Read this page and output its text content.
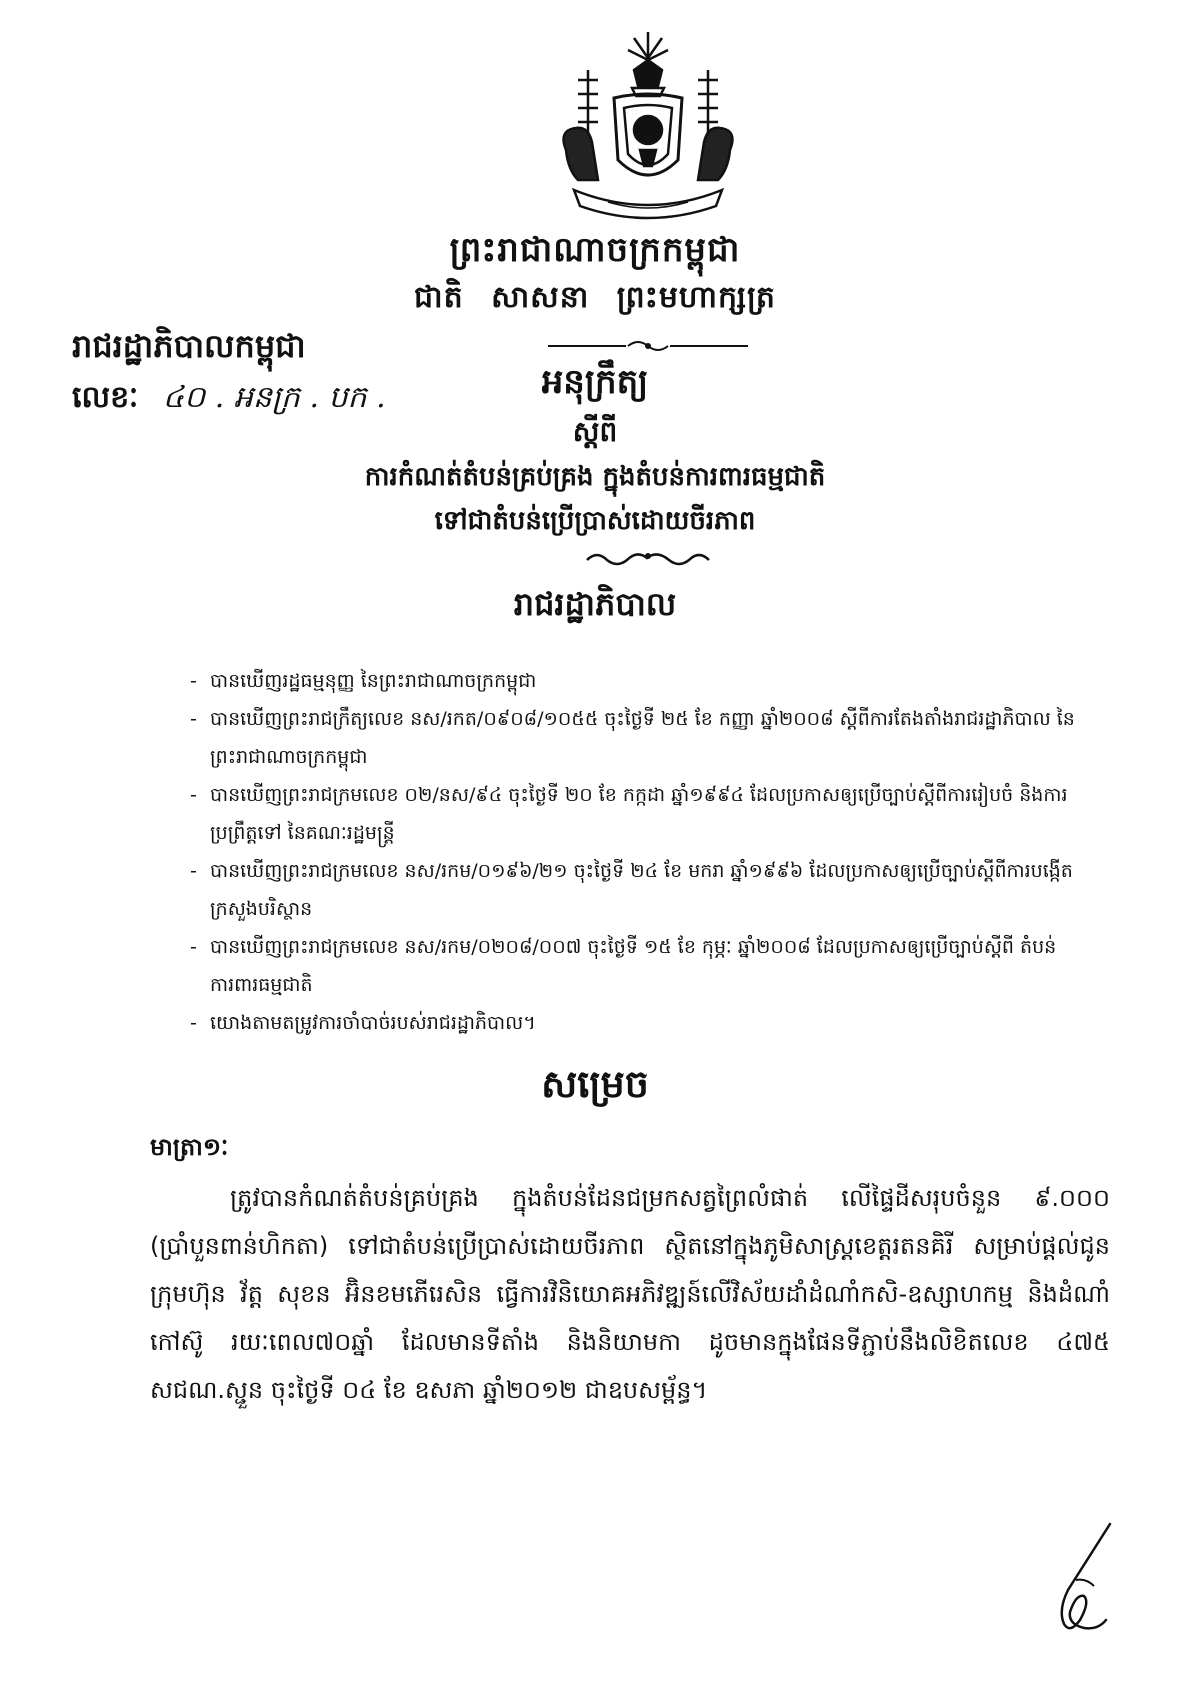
ព្រះរាជាណាចក្រកម្ពុជា
ជាតិ សាសនា ព្រះមហាក្សត្រ
រាជរដ្ឋាភិបាលកម្ពុជា
លេខៈ ៤០ . អនក្រ . បក .	អនុក្រឹត្យ
ស្តីពី
ការកំណត់តំបន់គ្រប់គ្រង ក្នុងតំបន់ការពារធម្មជាតិ
ទៅជាតំបន់ប្រើប្រាស់ដោយចីរភាព
រាជរដ្ឋាភិបាល
- បានឃើញរដ្ឋធម្មនុញ្ញ នៃព្រះរាជាណាចក្រកម្ពុជា
- បានឃើញព្រះរាជក្រឹត្យលេខ នស/រកត/០៩០៨/១០៥៥ ចុះថ្ងៃទី ២៥ ខែ កញ្ញា ឆ្នាំ២០០៨ ស្តីពីការតែងតាំងរាជរដ្ឋាភិបាល នៃព្រះរាជាណាចក្រកម្ពុជា
- បានឃើញព្រះរាជក្រមលេខ ០២/នស/៩៤ ចុះថ្ងៃទី ២០ ខែ កក្កដា ឆ្នាំ១៩៩៤ ដែលប្រកាសឲ្យប្រើច្បាប់ស្តីពីការរៀបចំ និងការប្រព្រឹត្តទៅ នៃគណៈរដ្ឋមន្ត្រី
- បានឃើញព្រះរាជក្រមលេខ នស/រកម/០១៩៦/២១ ចុះថ្ងៃទី ២៤ ខែ មករា ឆ្នាំ១៩៩៦ ដែលប្រកាសឲ្យប្រើច្បាប់ស្តីពីការបង្កើតក្រសួងបរិស្ថាន
- បានឃើញព្រះរាជក្រមលេខ នស/រកម/០២០៨/០០៧ ចុះថ្ងៃទី ១៥ ខែ កុម្ភៈ ឆ្នាំ២០០៨ ដែលប្រកាសឲ្យប្រើច្បាប់ស្តីពី តំបន់ការពារធម្មជាតិ
- យោងតាមតម្រូវការចាំបាច់របស់រាជរដ្ឋាភិបាល។
សម្រេច
មាត្រា១ៈ
ត្រូវបានកំណត់តំបន់គ្រប់គ្រង ក្នុងតំបន់ដែនជម្រកសត្វព្រៃលំផាត់ លើផ្ទៃដីសរុបចំនួន ៩.០០០ (ប្រាំបួនពាន់ហិកតា) ទៅជាតំបន់ប្រើប្រាស់ដោយចីរភាព ស្ថិតនៅក្នុងភូមិសាស្ត្រខេត្តរតនគិរី សម្រាប់ផ្តល់ជូនក្រុមហ៊ុន វ័ត្ត សុខន អ៊ិនខមភើរេសិន ធ្វើការវិនិយោគអភិវឌ្ឍន៍លើវិស័យដាំដំណាំកសិ-ឧស្សាហកម្ម និងដំណាំកៅស៊ូ រយៈពេល៧០ឆ្នាំ ដែលមានទីតាំង និងនិយាមកា ដូចមានក្នុងផែនទីភ្ជាប់នឹងលិខិតលេខ ៤៧៥ សជណ.ស្ជួន ចុះថ្ងៃទី ០៤ ខែ ឧសភា ឆ្នាំ២០១២ ជាឧបសម្ព័ន្ធ។
